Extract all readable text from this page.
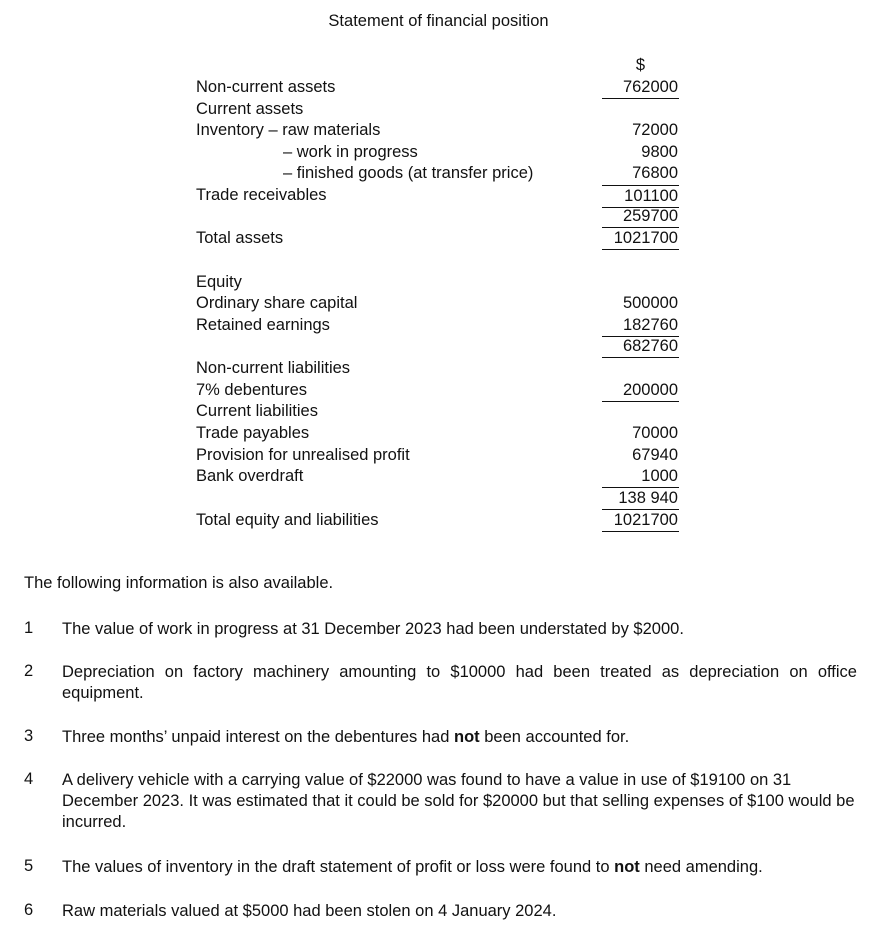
Statement of financial position
$
Non-current assets	762000
Current assets
Inventory – raw materials	72000
– work in progress	9800
– finished goods (at transfer price)	76800
Trade receivables	101100
259700
Total assets	1021700
Equity
Ordinary share capital	500000
Retained earnings	182760
682760
Non-current liabilities
7% debentures	200000
Current liabilities
Trade payables	70000
Provision for unrealised profit	67940
Bank overdraft	1000
138 940
Total equity and liabilities	1021700
The following information is also available.
1 The value of work in progress at 31 December 2023 had been understated by $2000.
2 Depreciation on factory machinery amounting to $10000 had been treated as depreciation on office equipment.
3 Three months’ unpaid interest on the debentures had not been accounted for.
4 A delivery vehicle with a carrying value of $22000 was found to have a value in use of $19100 on 31 December 2023. It was estimated that it could be sold for $20000 but that selling expenses of $100 would be incurred.
5 The values of inventory in the draft statement of profit or loss were found to not need amending.
6 Raw materials valued at $5000 had been stolen on 4 January 2024.
